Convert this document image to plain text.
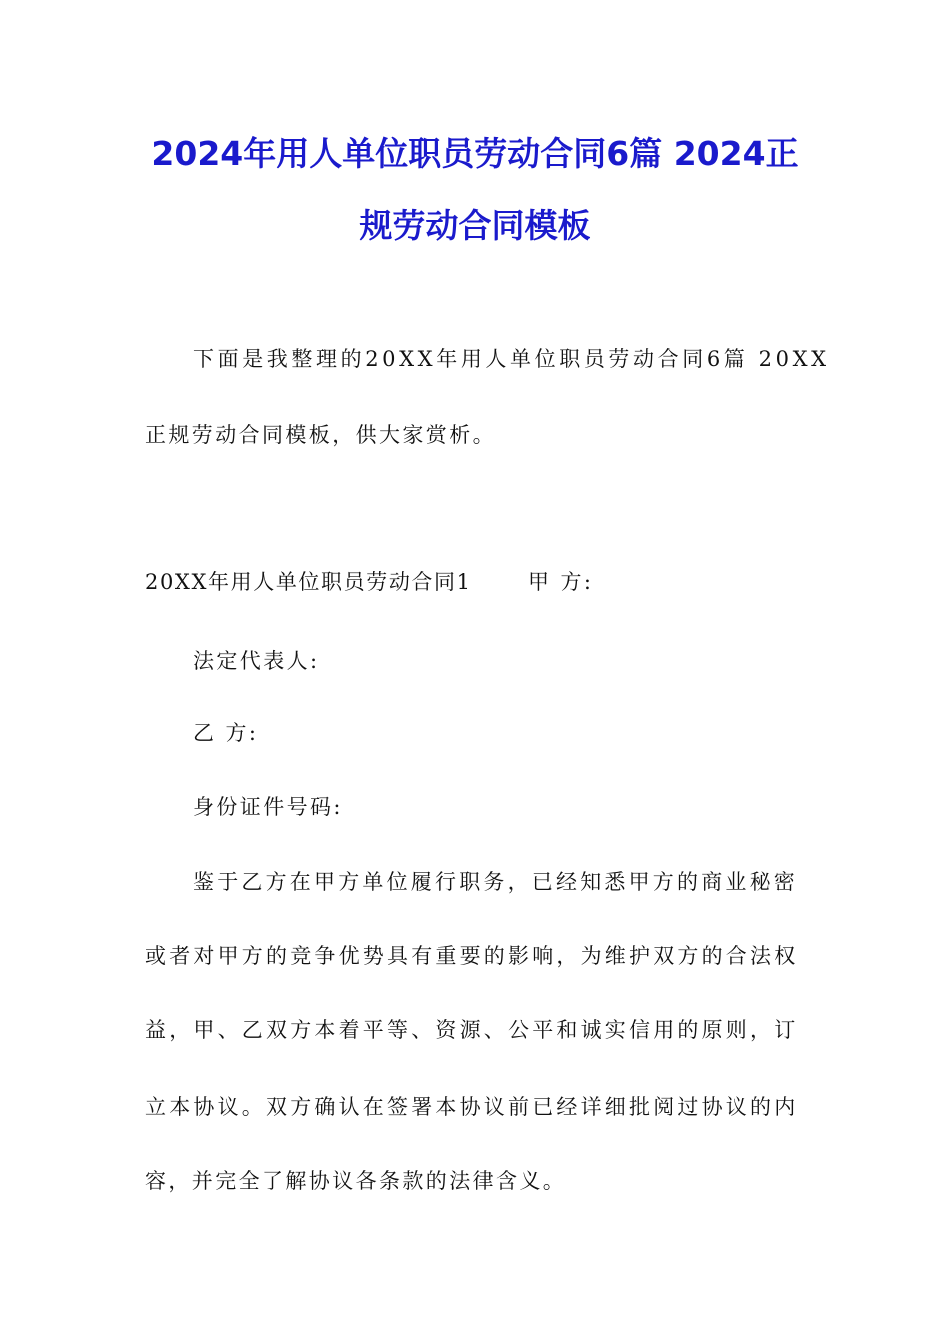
2024年用人单位职员劳动合同6篇 2024正
规劳动合同模板
下面是我整理的20XX年用人单位职员劳动合同6篇 20XX
正规劳动合同模板，供大家赏析。
20XX年用人单位职员劳动合同1	甲 方:
法定代表人:
乙 方:
身份证件号码:
鉴于乙方在甲方单位履行职务，已经知悉甲方的商业秘密
或者对甲方的竞争优势具有重要的影响，为维护双方的合法权
益，甲、乙双方本着平等、资源、公平和诚实信用的原则，订
立本协议。双方确认在签署本协议前已经详细批阅过协议的内
容，并完全了解协议各条款的法律含义。
